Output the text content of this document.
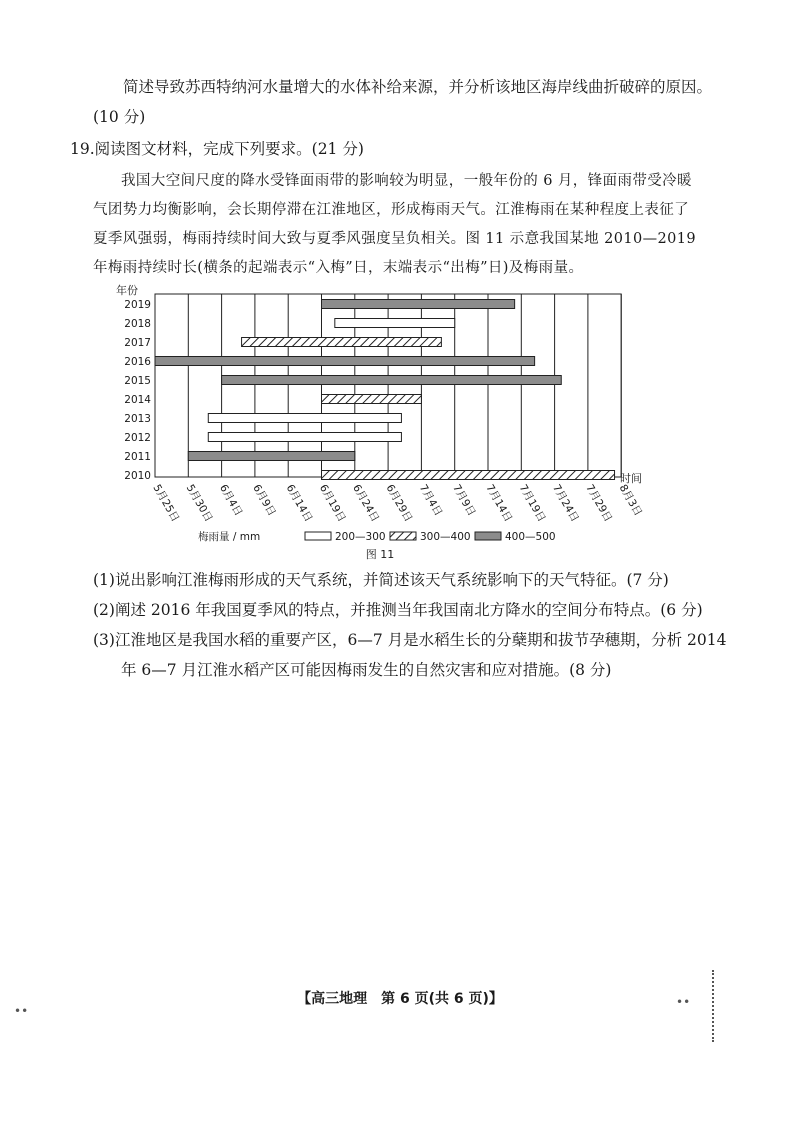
简述导致苏西特纳河水量增大的水体补给来源，并分析该地区海岸线曲折破碎的原因。
(10 分)
19.阅读图文材料，完成下列要求。(21 分)
我国大空间尺度的降水受锋面雨带的影响较为明显，一般年份的 6 月，锋面雨带受冷暖
气团势力均衡影响，会长期停滞在江淮地区，形成梅雨天气。江淮梅雨在某种程度上表征了
夏季风强弱，梅雨持续时间大致与夏季风强度呈负相关。图 11 示意我国某地 2010—2019
年梅雨持续时长(横条的起端表示“入梅”日，末端表示“出梅”日)及梅雨量。
2010
2011
2012
2013
2014
2015
2016
2017
2018
2019
5月25日 5月30日 6月4日 6月9日 6月14日 6月19日 6月24日 6月29日 7月4日 7月9日 7月14日 7月19日 7月24日 7月29日 8月3日
年份
时间
梅雨量 / mm	200—300	300—400	400—500
图 11
(1)说出影响江淮梅雨形成的天气系统，并简述该天气系统影响下的天气特征。(7 分)
(2)阐述 2016 年我国夏季风的特点，并推测当年我国南北方降水的空间分布特点。(6 分)
(3)江淮地区是我国水稻的重要产区，6—7 月是水稻生长的分蘖期和拔节孕穗期，分析 2014
年 6—7 月江淮水稻产区可能因梅雨发生的自然灾害和应对措施。(8 分)
【高三地理　第 6 页(共 6 页)】
••
••
